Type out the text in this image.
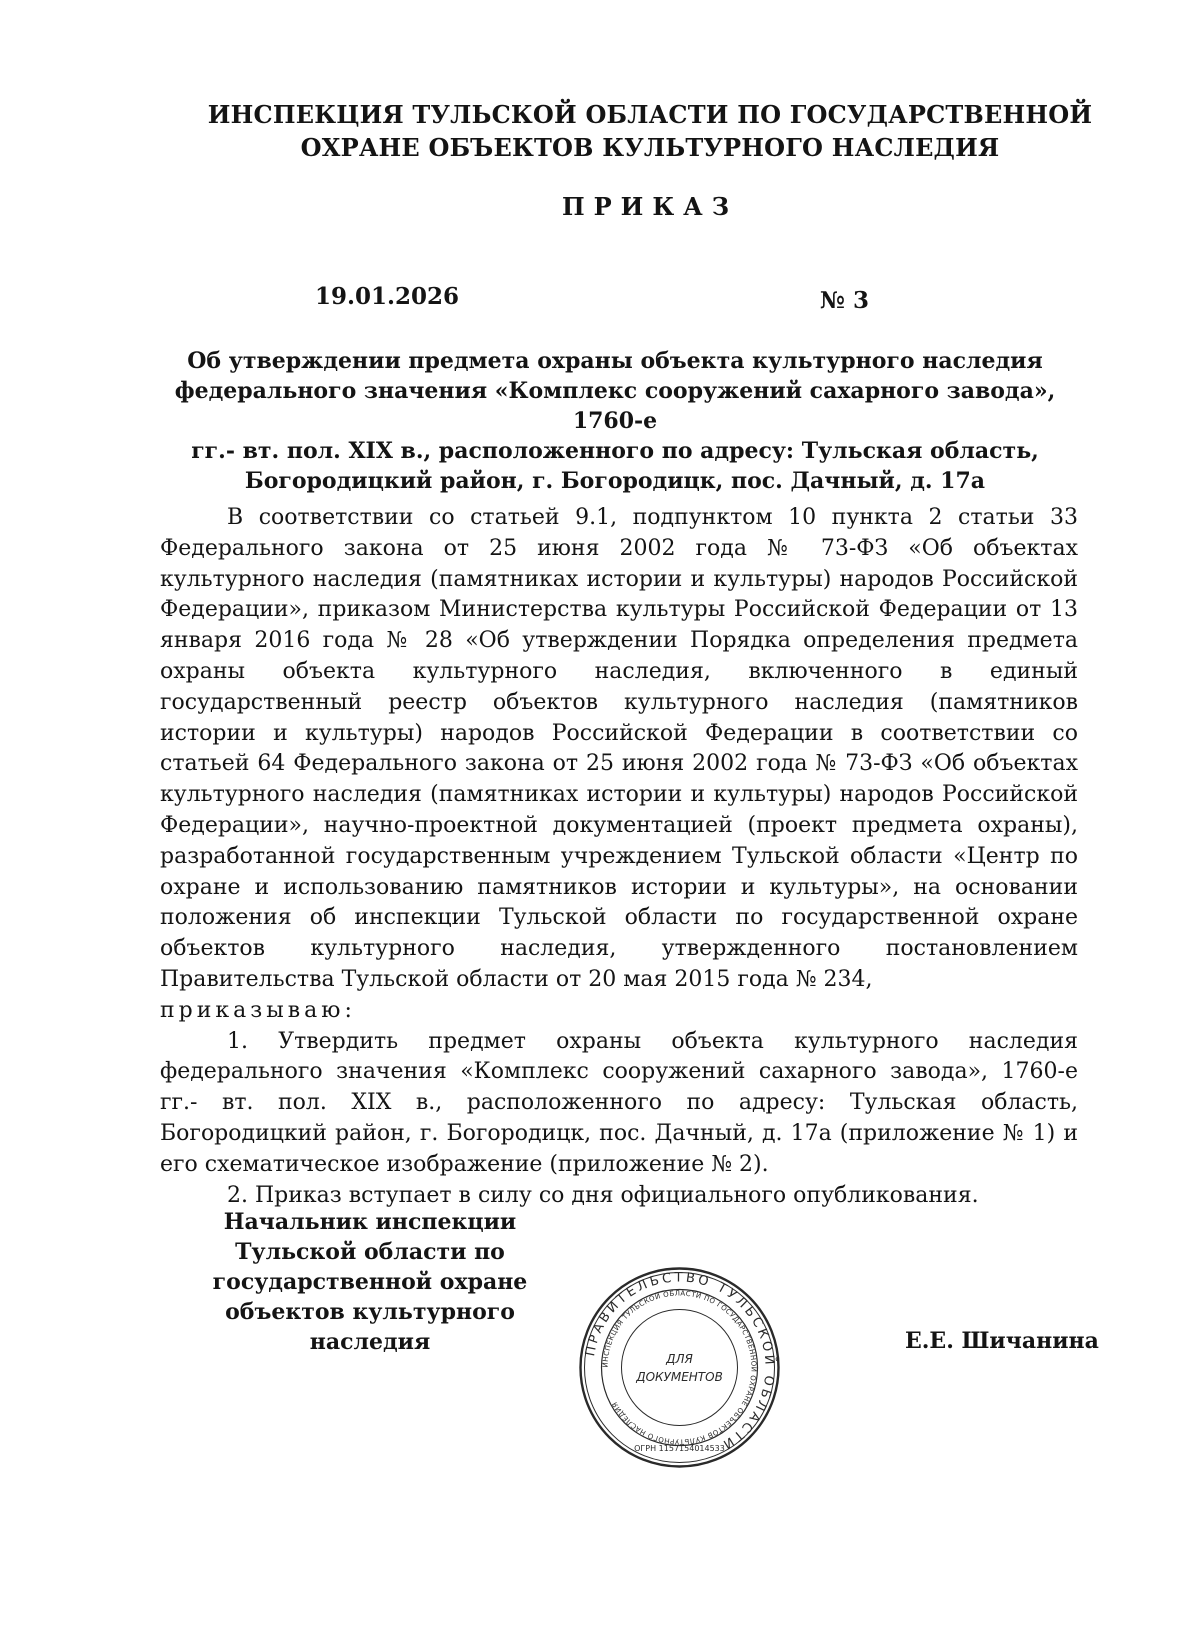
ИНСПЕКЦИЯ ТУЛЬСКОЙ ОБЛАСТИ ПО ГОСУДАРСТВЕННОЙ
ОХРАНЕ ОБЪЕКТОВ КУЛЬТУРНОГО НАСЛЕДИЯ
ПРИКАЗ
19.01.2026	№ 3
Об утверждении предмета охраны объекта культурного наследия
федерального значения «Комплекс сооружений сахарного завода», 1760-е
гг.- вт. пол. XIX в., расположенного по адресу: Тульская область,
Богородицкий район, г. Богородицк, пос. Дачный, д. 17а

В соответствии со статьей 9.1, подпунктом 10 пункта 2 статьи 33 Федерального закона от 25 июня 2002 года № 73-ФЗ «Об объектах культурного наследия (памятниках истории и культуры) народов Российской Федерации», приказом Министерства культуры Российской Федерации от 13 января 2016 года № 28 «Об утверждении Порядка определения предмета охраны объекта культурного наследия, включенного в единый государственный реестр объектов культурного наследия (памятников истории и культуры) народов Российской Федерации в соответствии со статьей 64 Федерального закона от 25 июня 2002 года № 73-ФЗ «Об объектах культурного наследия (памятниках истории и культуры) народов Российской Федерации», научно-проектной документацией (проект предмета охраны), разработанной государственным учреждением Тульской области «Центр по охране и использованию памятников истории и культуры», на основании положения об инспекции Тульской области по государственной охране объектов культурного наследия, утвержденного постановлением Правительства Тульской области от 20 мая 2015 года № 234,
приказываю:

1. Утвердить предмет охраны объекта культурного наследия федерального значения «Комплекс сооружений сахарного завода», 1760-е гг.- вт. пол. XIX в., расположенного по адресу: Тульская область, Богородицкий район, г. Богородицк, пос. Дачный, д. 17а (приложение № 1) и его схематическое изображение (приложение № 2).

2. Приказ вступает в силу со дня официального опубликования.

Начальник инспекции
Тульской области по
государственной охране
объектов культурного
наследия	Е.Е. Шичанина
ПРАВИТЕЛЬСТВО ТУЛЬСКОЙ ОБЛАСТИ
ИНСПЕКЦИЯ ТУЛЬСКОЙ ОБЛАСТИ ПО ГОСУДАРСТВЕННОЙ ОХРАНЕ ОБЪЕКТОВ КУЛЬТУРНОГО НАСЛЕДИЯ
ДЛЯ
ДОКУМЕНТОВ
ОГРН 1157154014533
